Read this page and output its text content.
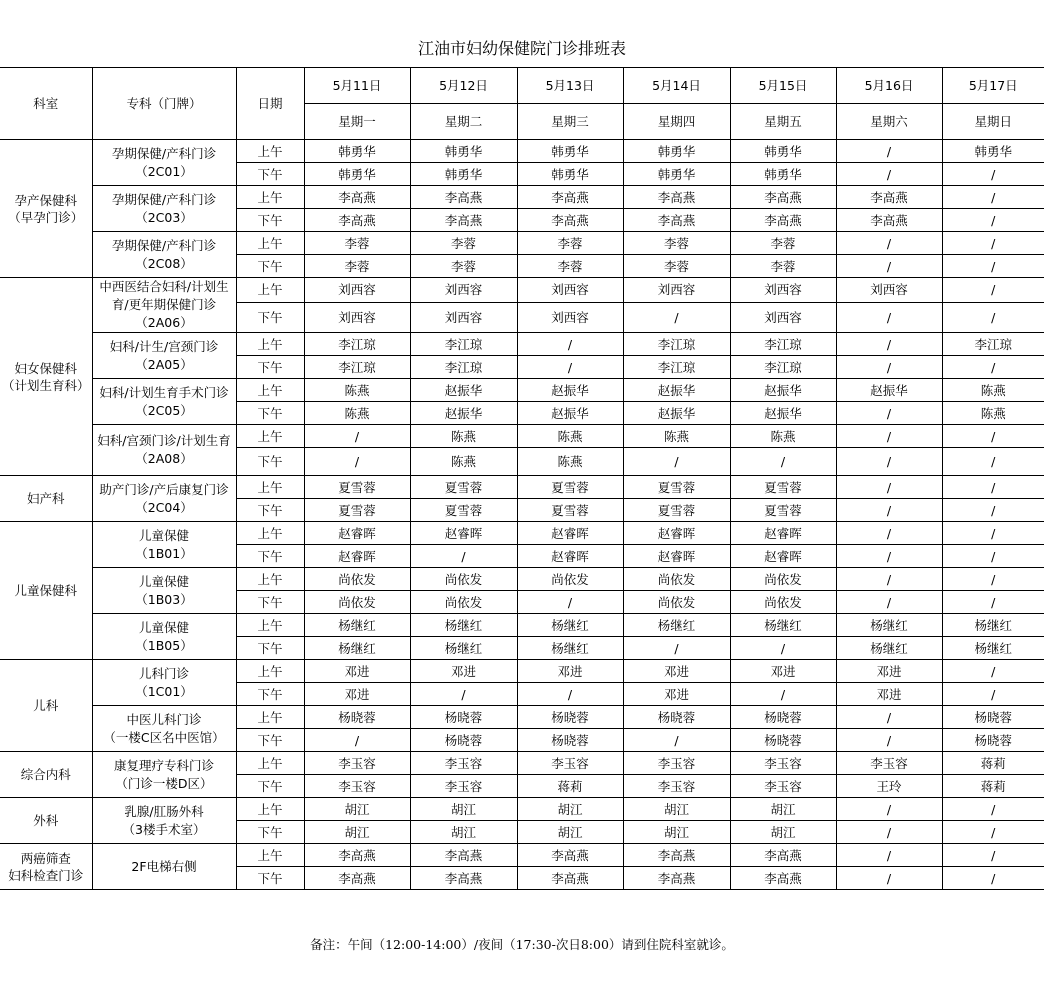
江油市妇幼保健院门诊排班表
科室	专科（门牌）	日期	5月11日	5月12日	5月13日	5月14日	5月15日	5月16日	5月17日
			星期一	星期二	星期三	星期四	星期五	星期六	星期日

孕产保健科
（早孕门诊）	孕期保健/产科门诊
（2C01）	上午	韩勇华	韩勇华	韩勇华	韩勇华	韩勇华	/	韩勇华
		下午	韩勇华	韩勇华	韩勇华	韩勇华	韩勇华	/	/

	孕期保健/产科门诊
（2C03）	上午	李高燕	李高燕	李高燕	李高燕	李高燕	李高燕	/
		下午	李高燕	李高燕	李高燕	李高燕	李高燕	李高燕	/

	孕期保健/产科门诊
（2C08）	上午	李蓉	李蓉	李蓉	李蓉	李蓉	/	/
		下午	李蓉	李蓉	李蓉	李蓉	李蓉	/	/

妇女保健科
（计划生育科）	中西医结合妇科/计划生育/更年期保健门诊
（2A06）	上午	刘西容	刘西容	刘西容	刘西容	刘西容	刘西容	/
		下午	刘西容	刘西容	刘西容	/	刘西容	/	/

	妇科/计生/宫颈门诊
（2A05）	上午	李江琼	李江琼	/	李江琼	李江琼	/	李江琼
		下午	李江琼	李江琼	/	李江琼	李江琼	/	/

	妇科/计划生育手术门诊
（2C05）	上午	陈燕	赵振华	赵振华	赵振华	赵振华	赵振华	陈燕
		下午	陈燕	赵振华	赵振华	赵振华	赵振华	/	陈燕

	妇科/宫颈门诊/计划生育
（2A08）	上午	/	陈燕	陈燕	陈燕	陈燕	/	/
		下午	/	陈燕	陈燕	/	/	/	/

妇产科	助产门诊/产后康复门诊
（2C04）	上午	夏雪蓉	夏雪蓉	夏雪蓉	夏雪蓉	夏雪蓉	/	/
		下午	夏雪蓉	夏雪蓉	夏雪蓉	夏雪蓉	夏雪蓉	/	/

儿童保健科	儿童保健
（1B01）	上午	赵睿晖	赵睿晖	赵睿晖	赵睿晖	赵睿晖	/	/
		下午	赵睿晖	/	赵睿晖	赵睿晖	赵睿晖	/	/

	儿童保健
（1B03）	上午	尚依发	尚依发	尚依发	尚依发	尚依发	/	/
		下午	尚依发	尚依发	/	尚依发	尚依发	/	/

	儿童保健
（1B05）	上午	杨继红	杨继红	杨继红	杨继红	杨继红	杨继红	杨继红
		下午	杨继红	杨继红	杨继红	/	/	杨继红	杨继红

儿科	儿科门诊
（1C01）	上午	邓进	邓进	邓进	邓进	邓进	邓进	/
		下午	邓进	/	/	邓进	/	邓进	/

	中医儿科门诊
（一楼C区名中医馆）	上午	杨晓蓉	杨晓蓉	杨晓蓉	杨晓蓉	杨晓蓉	/	杨晓蓉
		下午	/	杨晓蓉	杨晓蓉	/	杨晓蓉	/	杨晓蓉

综合内科	康复理疗专科门诊
（门诊一楼D区）	上午	李玉容	李玉容	李玉容	李玉容	李玉容	李玉容	蒋莉
		下午	李玉容	李玉容	蒋莉	李玉容	李玉容	王玲	蒋莉

外科	乳腺/肛肠外科
（3楼手术室）	上午	胡江	胡江	胡江	胡江	胡江	/	/
		下午	胡江	胡江	胡江	胡江	胡江	/	/

两癌筛查
妇科检查门诊	2F电梯右侧	上午	李高燕	李高燕	李高燕	李高燕	李高燕	/	/
		下午	李高燕	李高燕	李高燕	李高燕	李高燕	/	/
备注：午间（12:00-14:00）/夜间（17:30-次日8:00）请到住院科室就诊。
